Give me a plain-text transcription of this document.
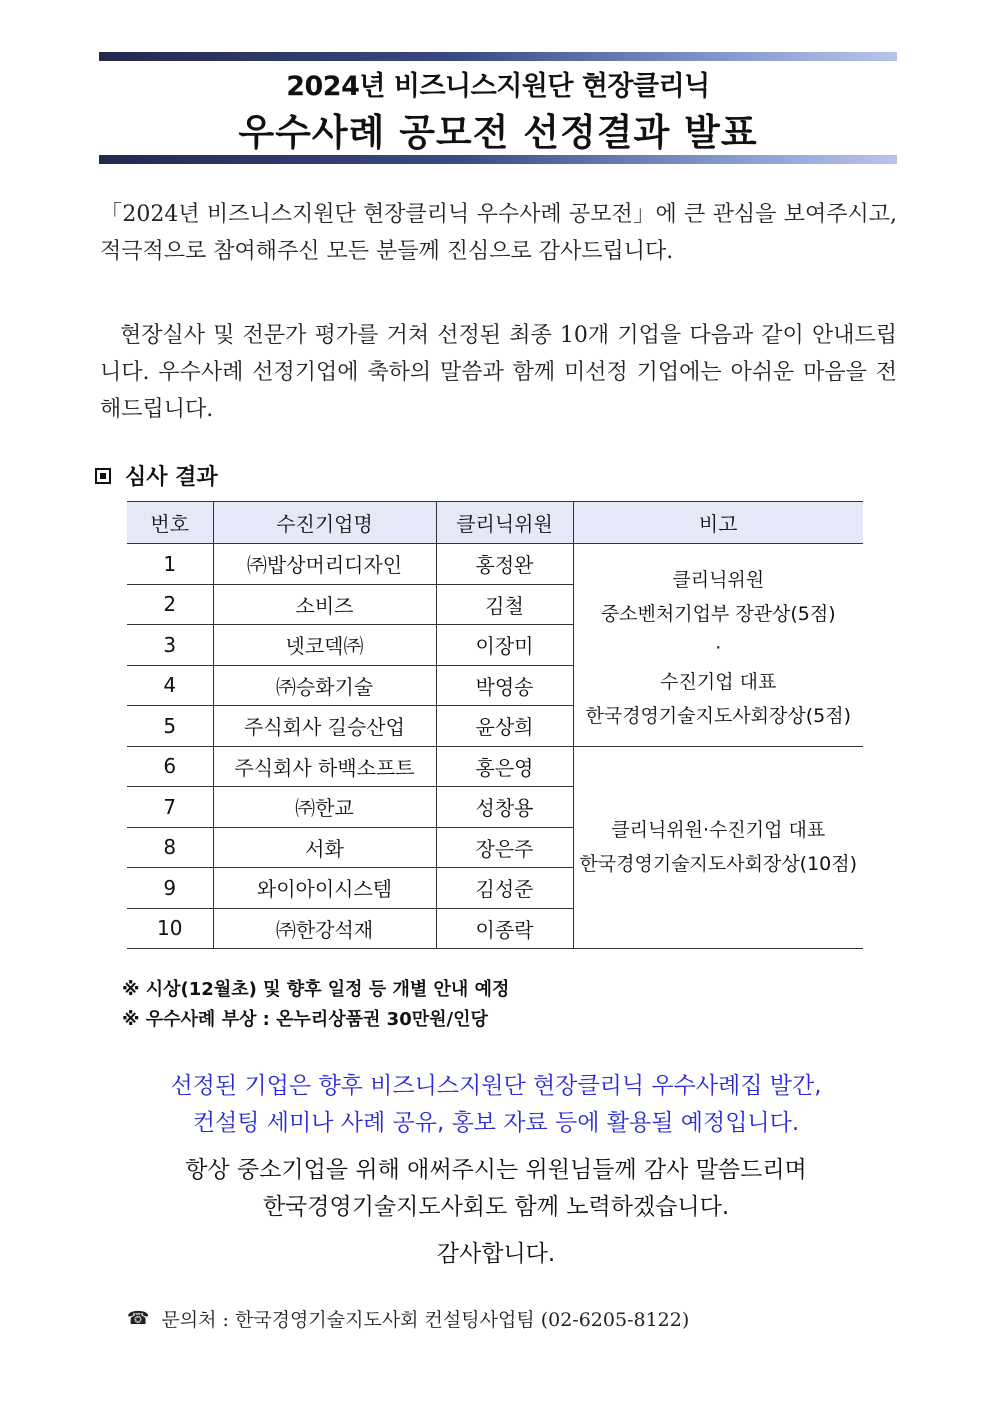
2024년 비즈니스지원단 현장클리닉
우수사례 공모전 선정결과 발표
「2024년 비즈니스지원단 현장클리닉 우수사례 공모전」에 큰 관심을 보여주시고, 적극적으로 참여해주신 모든 분들께 진심으로 감사드립니다.
현장실사 및 전문가 평가를 거쳐 선정된 최종 10개 기업을 다음과 같이 안내드립니다. 우수사례 선정기업에 축하의 말씀과 함께 미선정 기업에는 아쉬운 마음을 전해드립니다.
심사 결과
번호	수진기업명	클리닉위원	비고
1	㈜밥상머리디자인	홍정완	클리닉위원
중소벤처기업부 장관상(5점)
·
수진기업 대표
한국경영기술지도사회장상(5점)

2	소비즈	김철	
3	넷코덱㈜	이장미	
4	㈜승화기술	박영송	
5	주식회사 길승산업	윤상희	
6	주식회사 하백소프트	홍은영	클리닉위원·수진기업 대표
한국경영기술지도사회장상(10점)

7	㈜한교	성창용	
8	서화	장은주	
9	와이아이시스템	김성준	
10	㈜한강석재	이종락	
※ 시상(12월초) 및 향후 일정 등 개별 안내 예정
※ 우수사례 부상 : 온누리상품권 30만원/인당
선정된 기업은 향후 비즈니스지원단 현장클리닉 우수사례집 발간,
컨설팅 세미나 사례 공유, 홍보 자료 등에 활용될 예정입니다.
항상 중소기업을 위해 애써주시는 위원님들께 감사 말씀드리며
한국경영기술지도사회도 함께 노력하겠습니다.
감사합니다.
☎ 문의처 : 한국경영기술지도사회 컨설팅사업팀 (02-6205-8122)
